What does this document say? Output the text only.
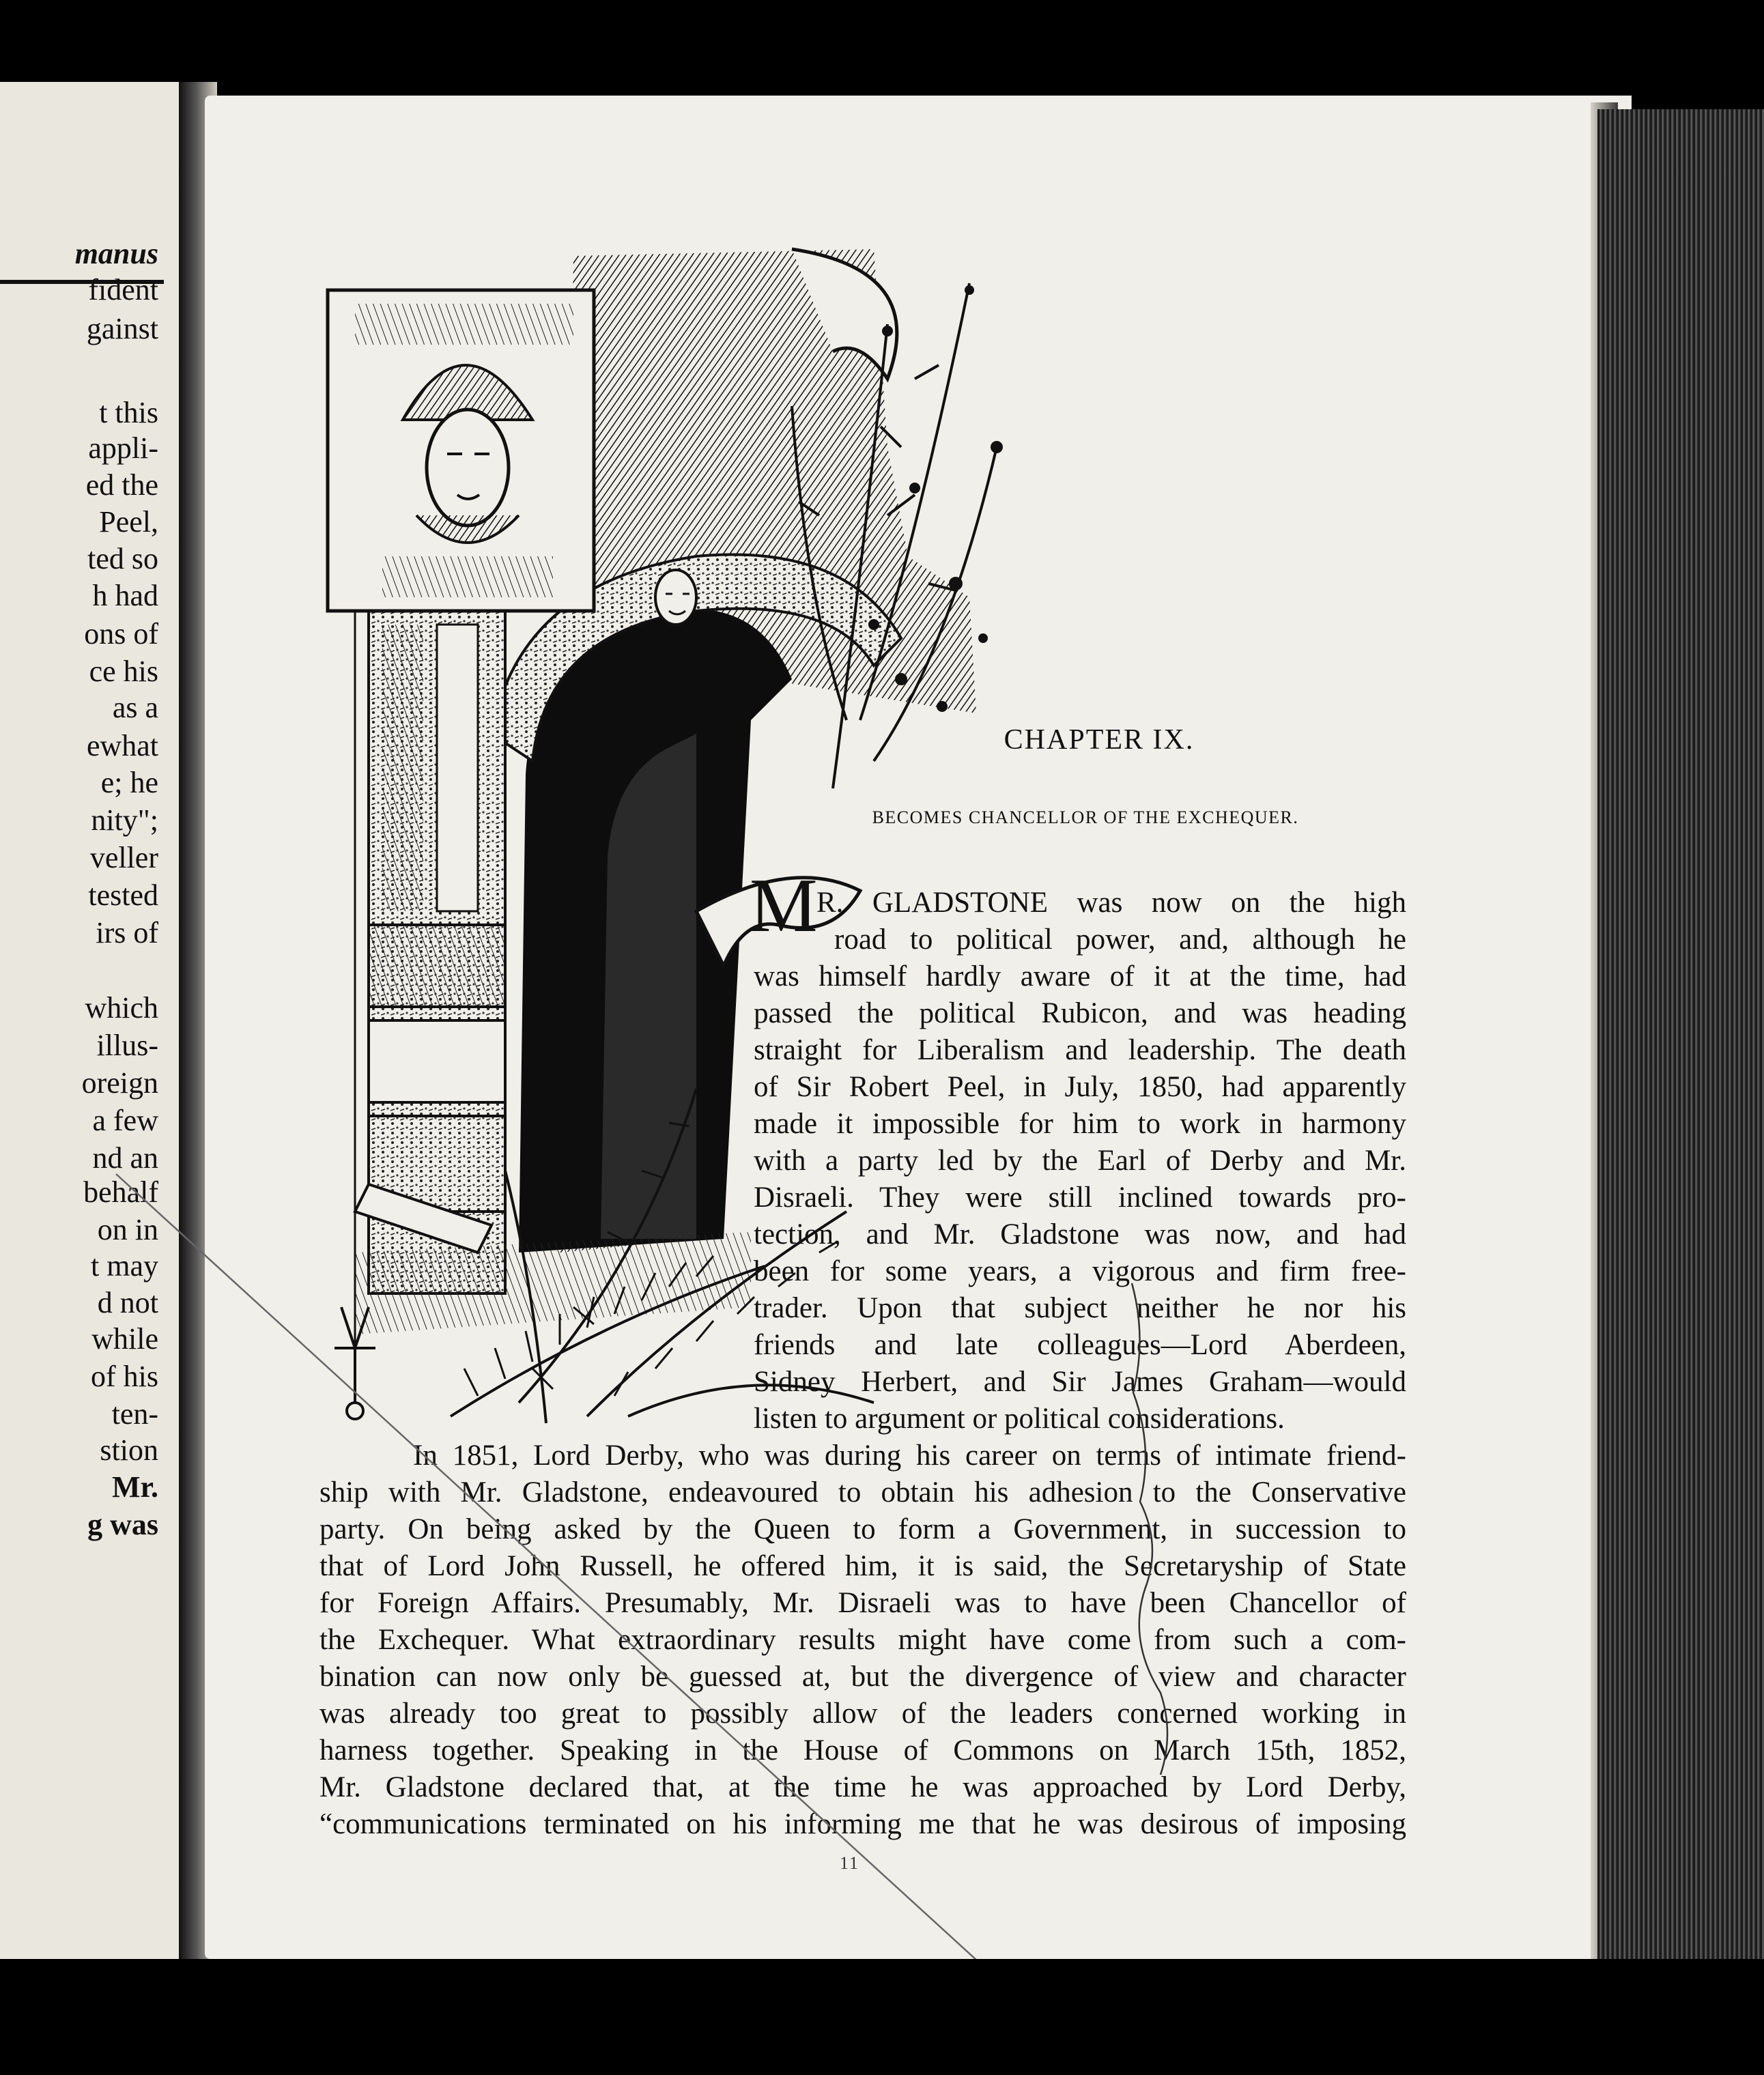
manus
fident
gainst
t this
appli-
ed the
Peel,
ted so
h had
ons of
ce his
as a
ewhat
e; he
nity";
veller
tested
irs of
which
illus-
oreign
a few
nd an
behalf
on in
t may
d not
while
of his
ten-
stion
Mr.
g was
CHAPTER IX.
BECOMES CHANCELLOR OF THE EXCHEQUER.
M
R. GLADSTONE was now on the high
road to political power, and, although he
was himself hardly aware of it at the time, had
passed the political Rubicon, and was heading
straight for Liberalism and leadership. The death
of Sir Robert Peel, in July, 1850, had apparently
made it impossible for him to work in harmony
with a party led by the Earl of Derby and Mr.
Disraeli. They were still inclined towards pro-
tection, and Mr. Gladstone was now, and had
been for some years, a vigorous and firm free-
trader. Upon that subject neither he nor his
friends and late colleagues—Lord Aberdeen,
Sidney Herbert, and Sir James Graham—would
listen to argument or political considerations.
In 1851, Lord Derby, who was during his career on terms of intimate friend-
ship with Mr. Gladstone, endeavoured to obtain his adhesion to the Conservative
party. On being asked by the Queen to form a Government, in succession to
that of Lord John Russell, he offered him, it is said, the Secretaryship of State
for Foreign Affairs. Presumably, Mr. Disraeli was to have been Chancellor of
the Exchequer. What extraordinary results might have come from such a com-
bination can now only be guessed at, but the divergence of view and character
was already too great to possibly allow of the leaders concerned working in
harness together. Speaking in the House of Commons on March 15th, 1852,
Mr. Gladstone declared that, at the time he was approached by Lord Derby,
“communications terminated on his informing me that he was desirous of imposing
11
